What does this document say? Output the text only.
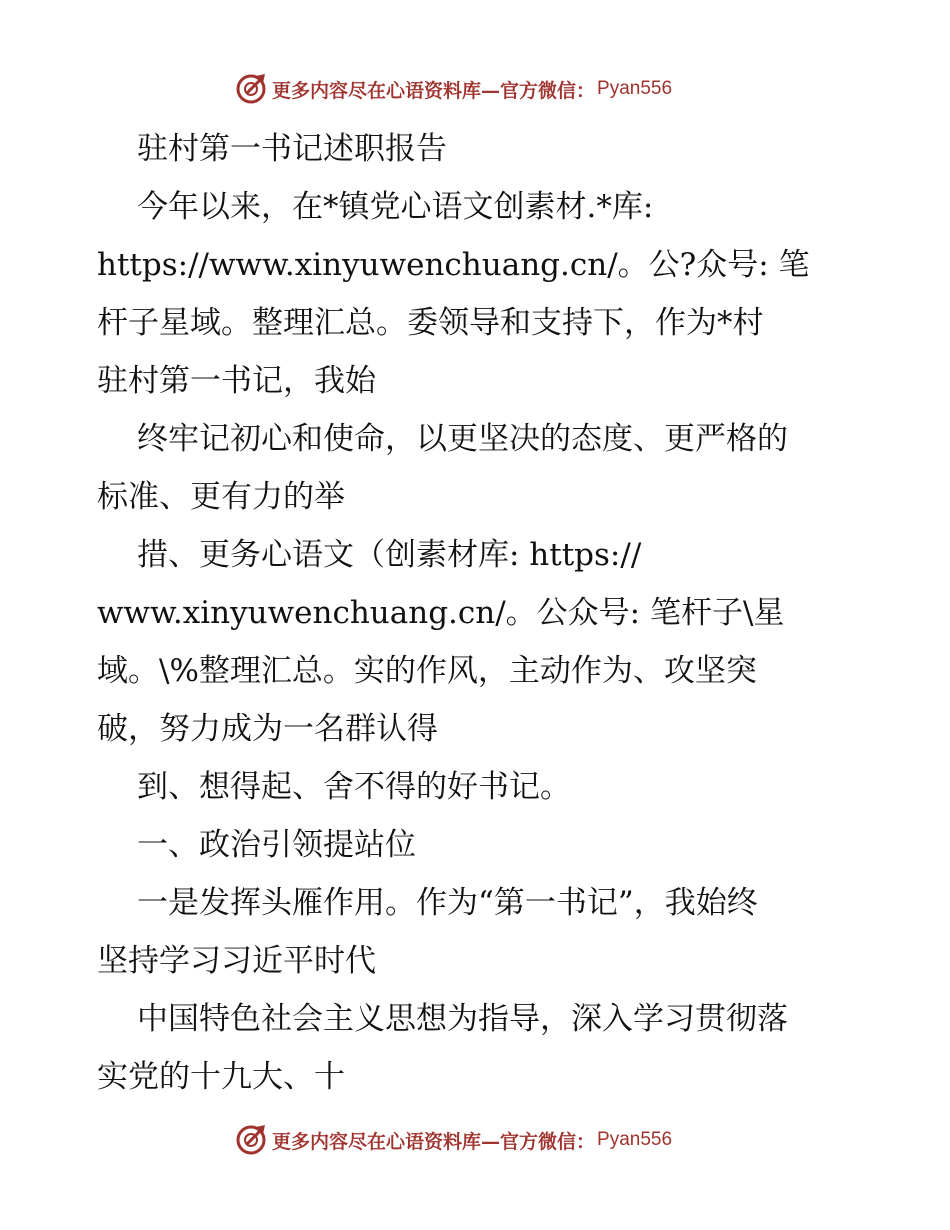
更多内容尽在心语资料库—官方微信： Pyan556
驻村第一书记述职报告
今年以来，在*镇党心语文创素材.*库:
https://www.xinyuwenchuang.cn/。公?众号: 笔
杆子星域。整理汇总。委领导和支持下，作为*村
驻村第一书记，我始
终牢记初心和使命，以更坚决的态度、更严格的
标准、更有力的举
措、更务心语文（创素材库: https://
www.xinyuwenchuang.cn/。公众号: 笔杆子\星
域。\%整理汇总。实的作风，主动作为、攻坚突
破，努力成为一名群认得
到、想得起、舍不得的好书记。
一、政治引领提站位
一是发挥头雁作用。作为“第一书记”，我始终
坚持学习习近平时代
中国特色社会主义思想为指导，深入学习贯彻落
实党的十九大、十
更多内容尽在心语资料库—官方微信： Pyan556
